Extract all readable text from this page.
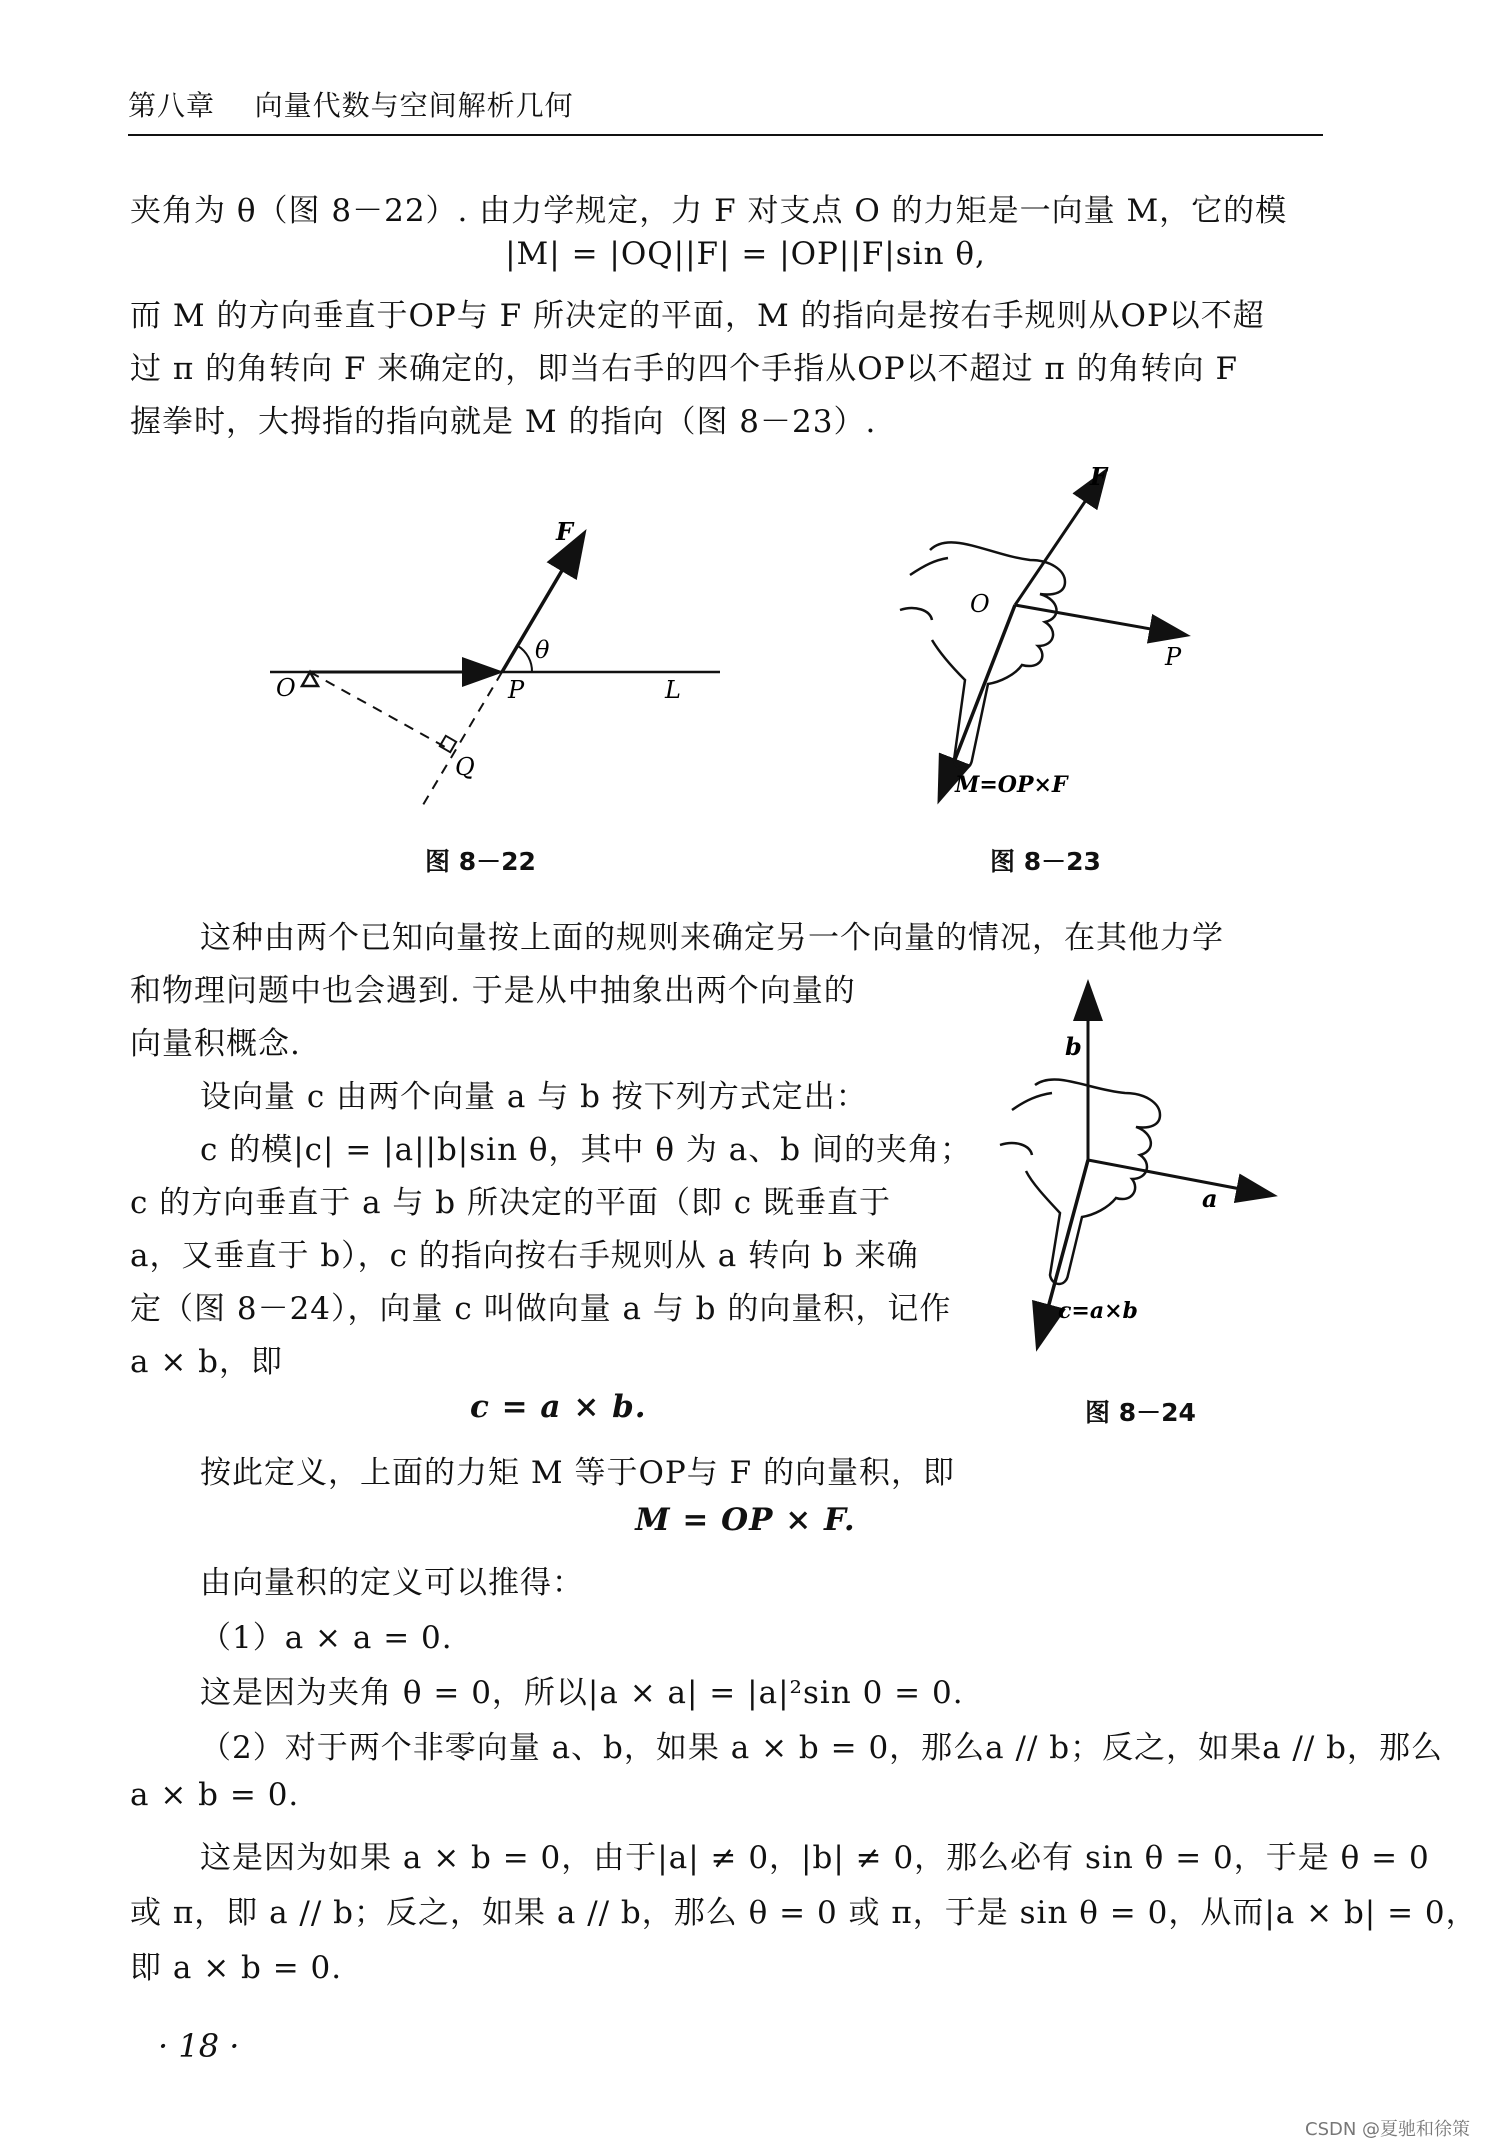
第八章 向量代数与空间解析几何
夹角为 θ（图 8－22）. 由力学规定，力 F 对支点 O 的力矩是一向量 M，它的模
|M| = |OQ||F| = |OP||F|sin θ,
而 M 的方向垂直于OP与 F 所决定的平面，M 的指向是按右手规则从OP以不超
过 π 的角转向 F 来确定的，即当右手的四个手指从OP以不超过 π 的角转向 F
握拳时，大拇指的指向就是 M 的指向（图 8－23）.
F
θ
O	P	L
Q
图 8－22
F
O
P
M=OP×F
图 8－23
这种由两个已知向量按上面的规则来确定另一个向量的情况，在其他力学
和物理问题中也会遇到. 于是从中抽象出两个向量的
向量积概念.
设向量 c 由两个向量 a 与 b 按下列方式定出：
c 的模|c| = |a||b|sin θ，其中 θ 为 a、b 间的夹角；
c 的方向垂直于 a 与 b 所决定的平面（即 c 既垂直于
a，又垂直于 b），c 的指向按右手规则从 a 转向 b 来确
定（图 8－24），向量 c 叫做向量 a 与 b 的向量积，记作
a × b，即
c = a × b.
b
a
c=a×b
图 8－24
按此定义，上面的力矩 M 等于OP与 F 的向量积，即
M = OP × F.
由向量积的定义可以推得：
（1）a × a = 0.
这是因为夹角 θ = 0，所以|a × a| = |a|²sin 0 = 0.
（2）对于两个非零向量 a、b，如果 a × b = 0，那么a // b；反之，如果a // b，那么
a × b = 0.
这是因为如果 a × b = 0，由于|a| ≠ 0，|b| ≠ 0，那么必有 sin θ = 0，于是 θ = 0
或 π，即 a // b；反之，如果 a // b，那么 θ = 0 或 π，于是 sin θ = 0，从而|a × b| = 0，
即 a × b = 0.
· 18 ·
CSDN @夏驰和徐策
